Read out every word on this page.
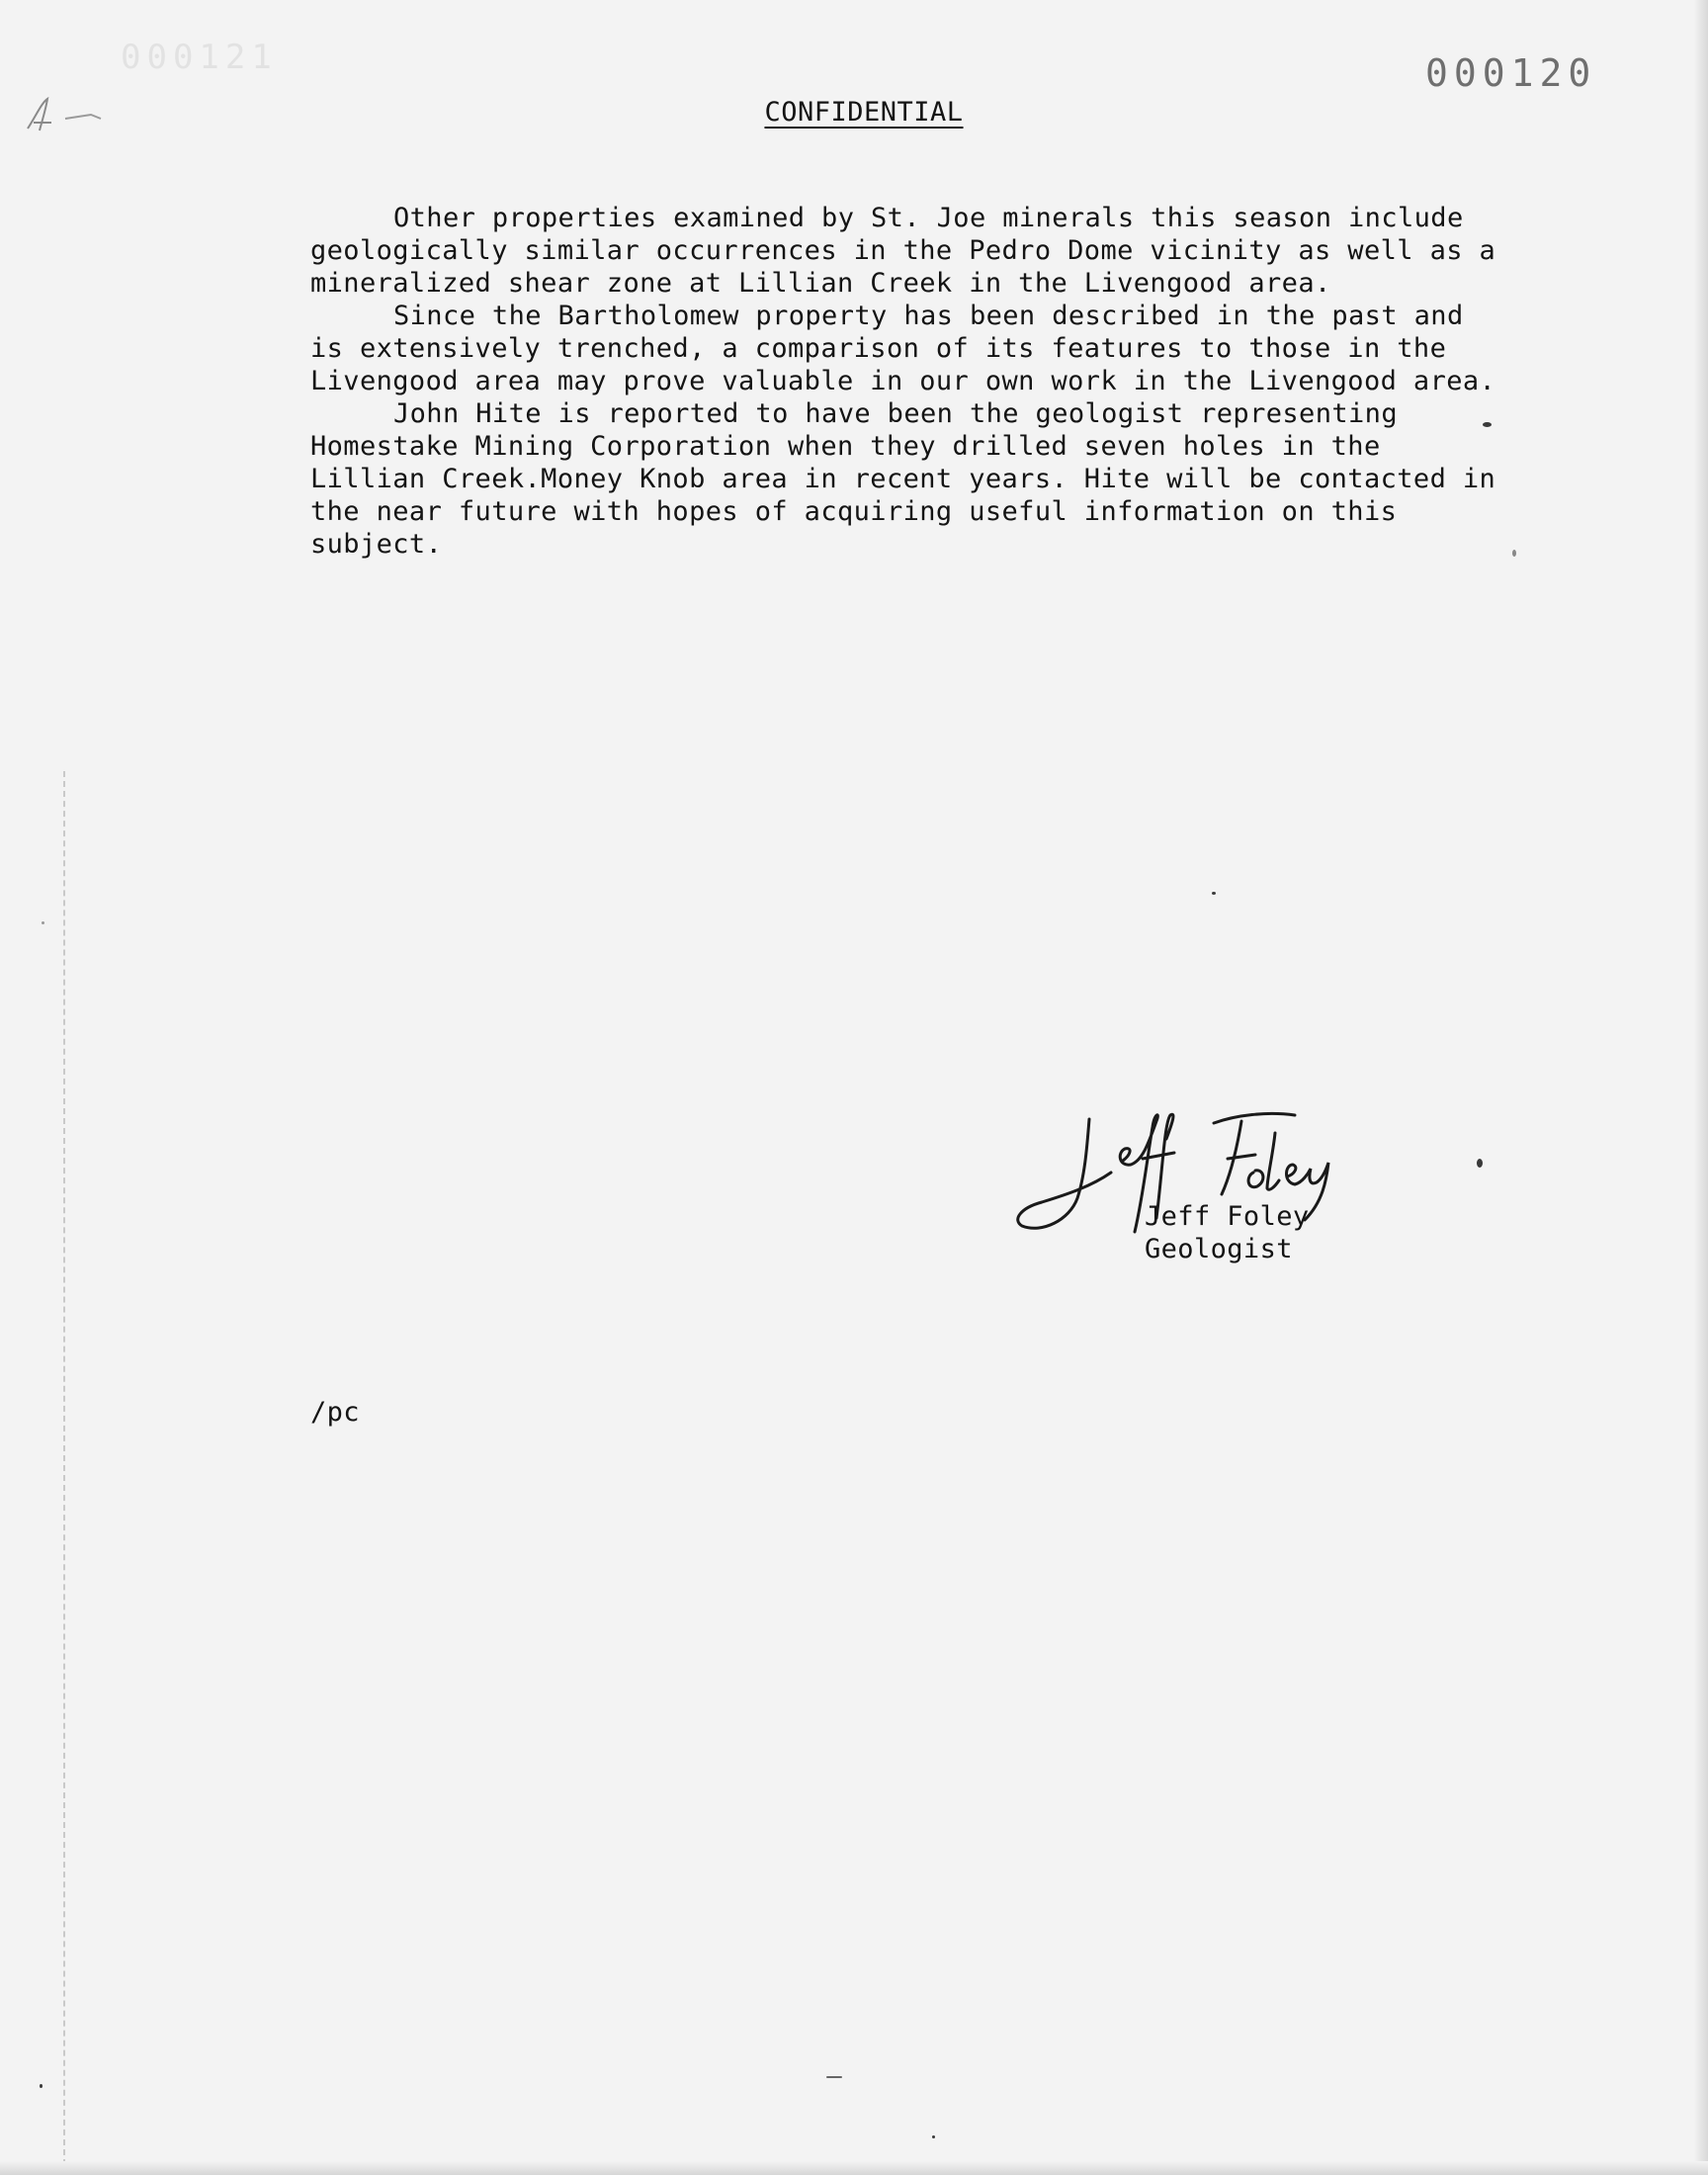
000121	000120
CONFIDENTIAL

Other properties examined by St. Joe minerals this season include geologically similar occurrences in the Pedro Dome vicinity as well as a mineralized shear zone at Lillian Creek in the Livengood area.

Since the Bartholomew property has been described in the past and is extensively trenched, a comparison of its features to those in the Livengood area may prove valuable in our own work in the Livengood area.

John Hite is reported to have been the geologist representing Homestake Mining Corporation when they drilled seven holes in the Lillian Creek.Money Knob area in recent years. Hite will be contacted in the near future with hopes of acquiring useful information on this subject.

Jeff Foley
Geologist
/pc
